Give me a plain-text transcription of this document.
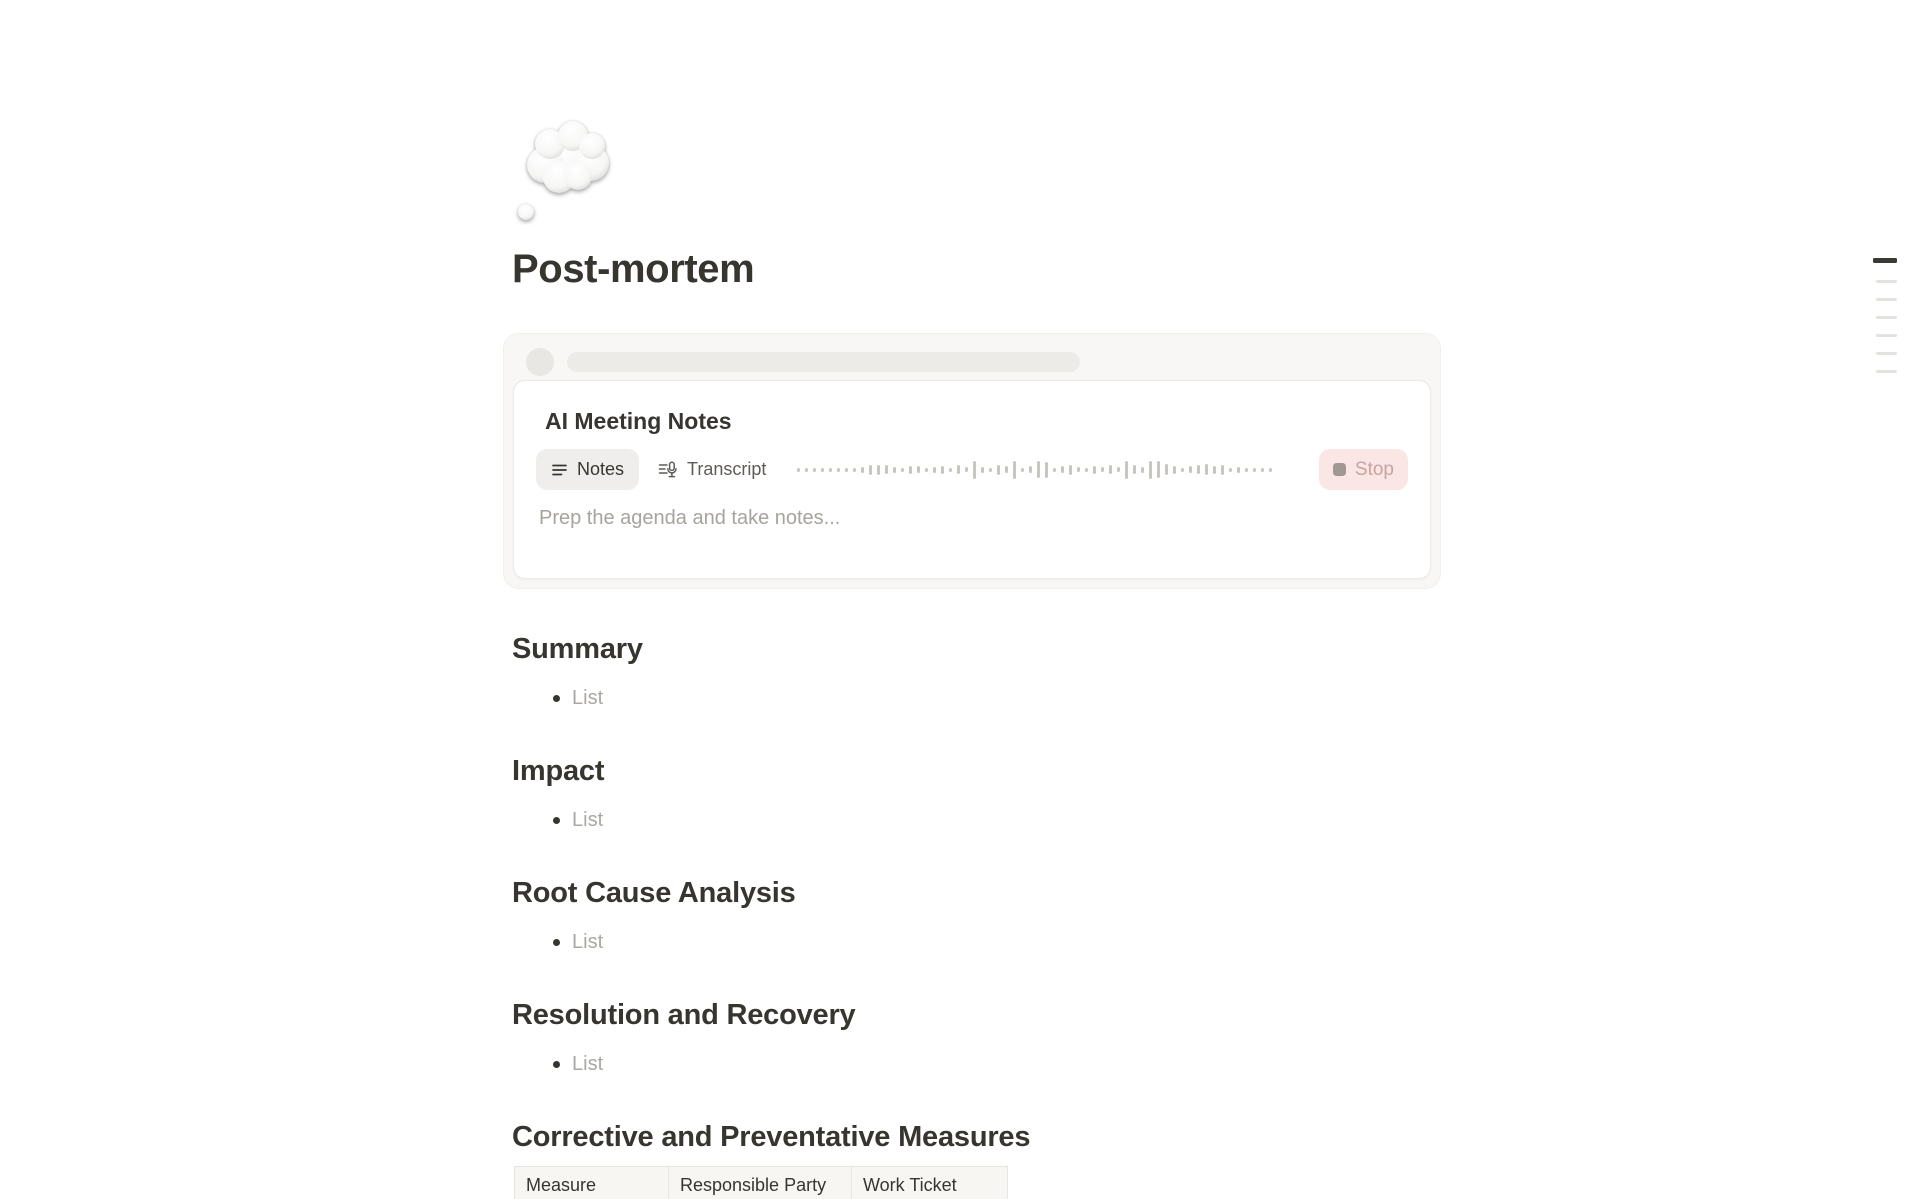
Post-mortem
AI Meeting Notes
Notes	Transcript	Stop
Prep the agenda and take notes...
Summary
List
Impact
List
Root Cause Analysis
List
Resolution and Recovery
List
Corrective and Preventative Measures
Measure	Responsible Party	Work Ticket
